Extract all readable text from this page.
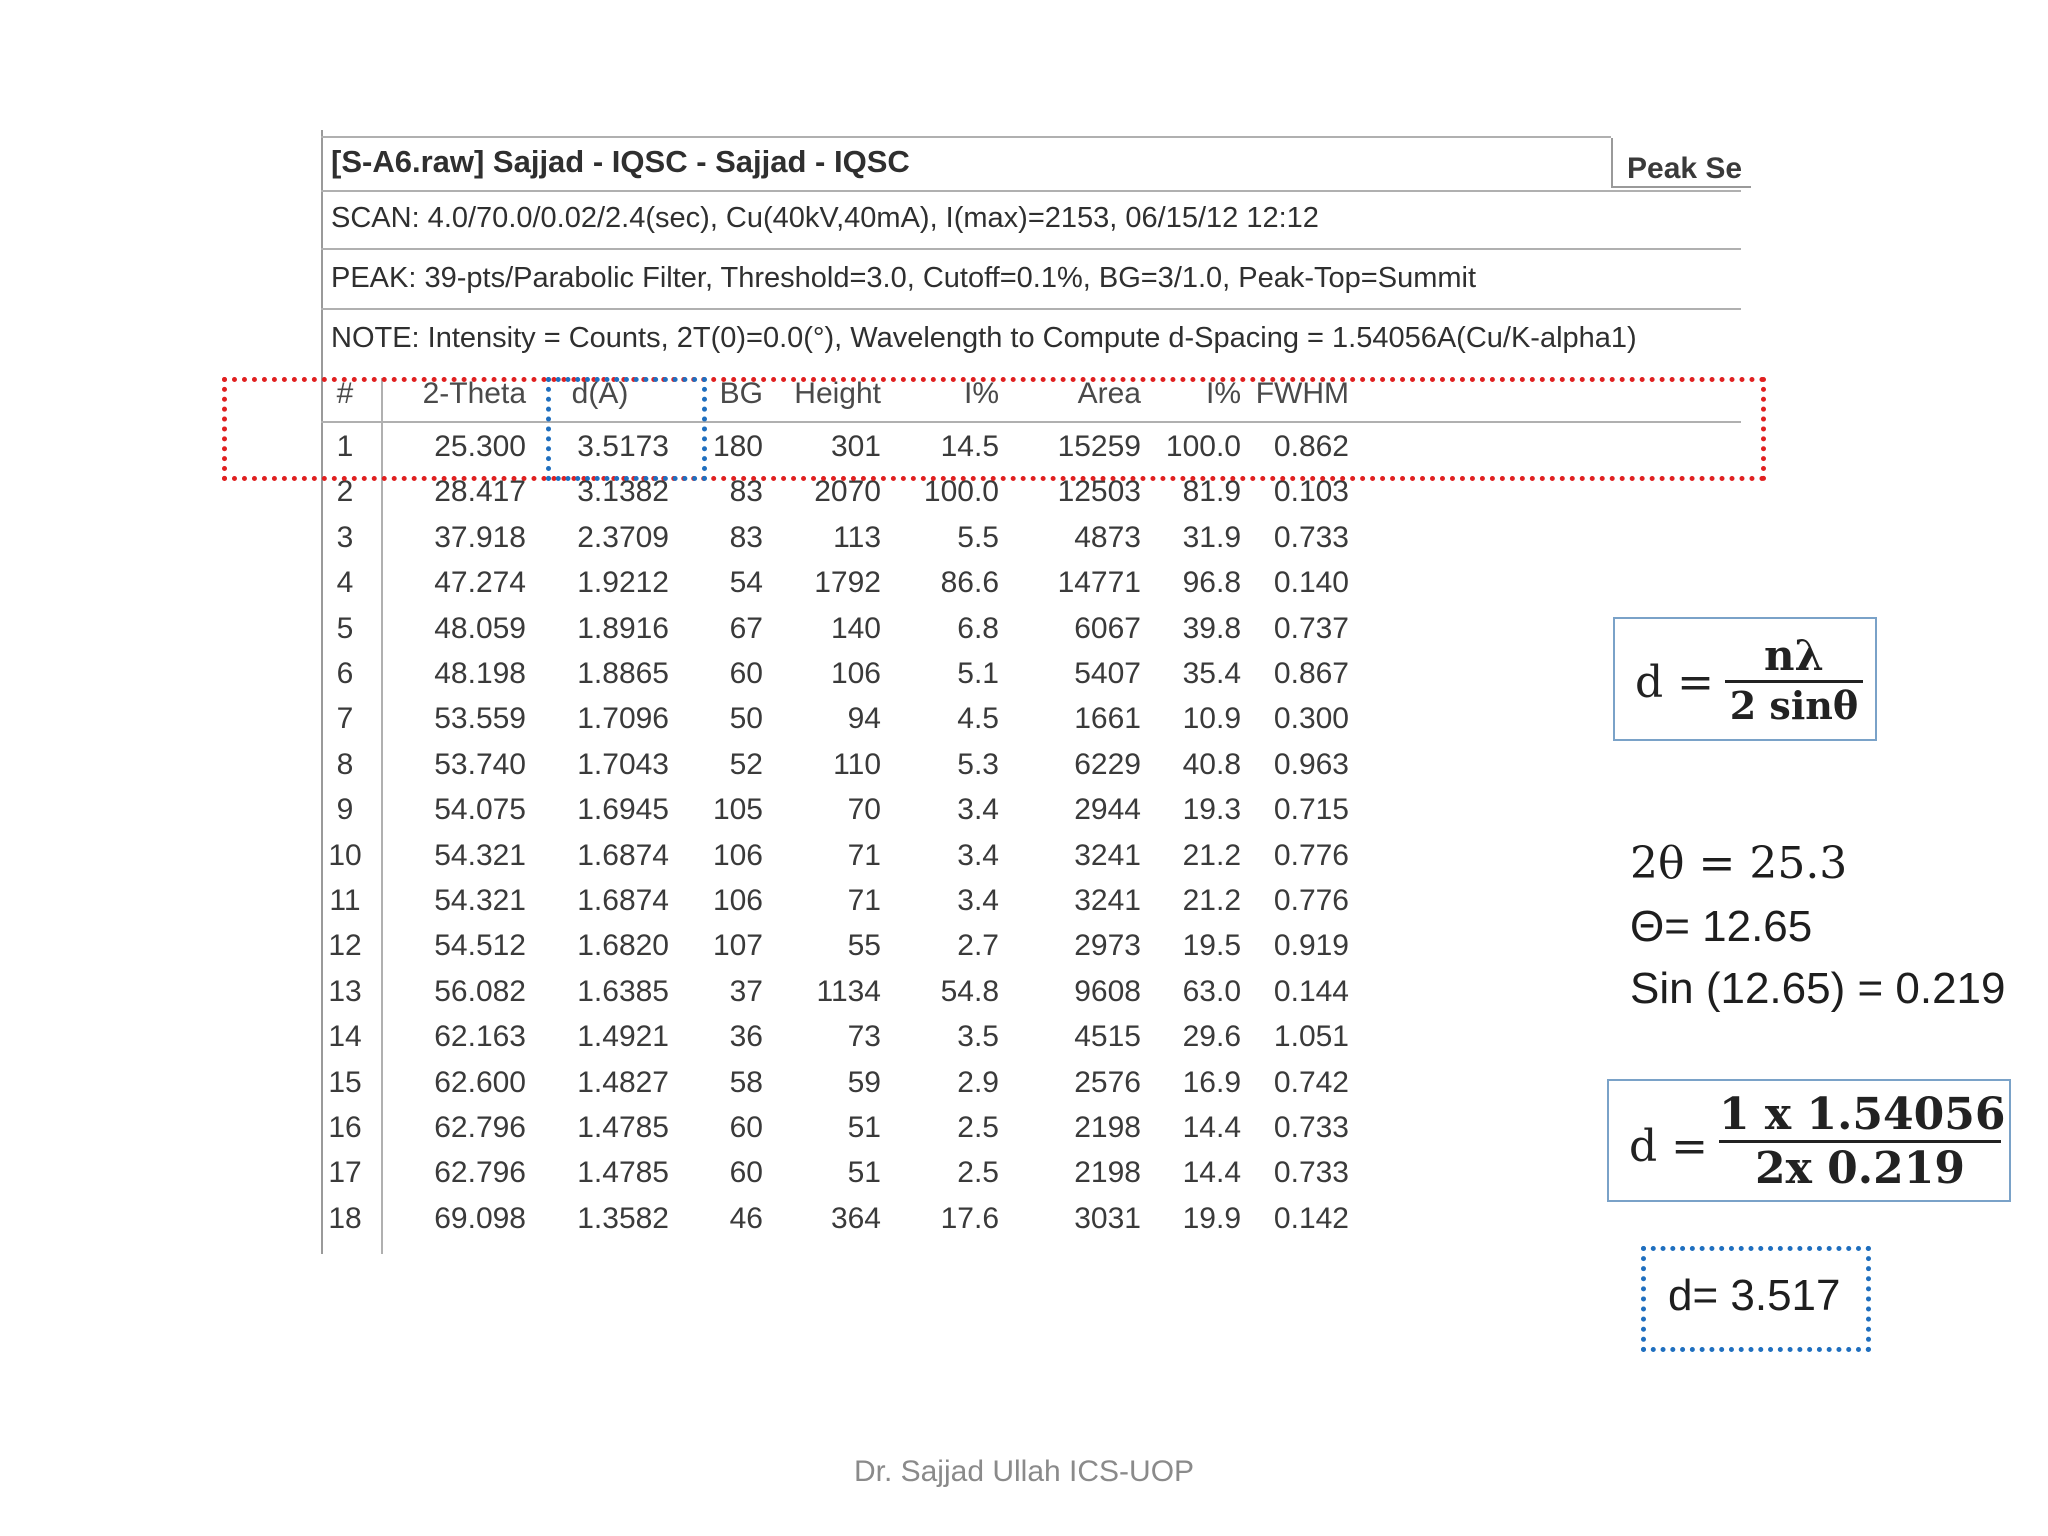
[S-A6.raw] Sajjad - IQSC - Sajjad - IQSC	Peak Se
SCAN: 4.0/70.0/0.02/2.4(sec), Cu(40kV,40mA), I(max)=2153, 06/15/12 12:12
PEAK: 39-pts/Parabolic Filter, Threshold=3.0, Cutoff=0.1%, BG=3/1.0, Peak-Top=Summit
NOTE: Intensity = Counts, 2T(0)=0.0(°), Wavelength to Compute d-Spacing = 1.54056A(Cu/K-alpha1)
#	2-Theta	d(A)	BG	Height	I%	Area	I% FWHM
1	25.300	3.5173	180	301	14.5	15259 100.0	0.862
2	28.417	3.1382	83	2070	100.0	12503	81.9	0.103
3	37.918	2.3709	83	113	5.5	4873	31.9	0.733
4	47.274	1.9212	54	1792	86.6	14771	96.8	0.140
5	48.059	1.8916	67	140	6.8	6067	39.8	0.737
6	48.198	1.8865	60	106	5.1	5407	35.4	0.867
7	53.559	1.7096	50	94	4.5	1661	10.9	0.300
8	53.740	1.7043	52	110	5.3	6229	40.8	0.963
9	54.075	1.6945	105	70	3.4	2944	19.3	0.715
10	54.321	1.6874	106	71	3.4	3241	21.2	0.776
11	54.321	1.6874	106	71	3.4	3241	21.2	0.776
12	54.512	1.6820	107	55	2.7	2973	19.5	0.919
13	56.082	1.6385	37	1134	54.8	9608	63.0	0.144
14	62.163	1.4921	36	73	3.5	4515	29.6	1.051
15	62.600	1.4827	58	59	2.9	2576	16.9	0.742
16	62.796	1.4785	60	51	2.5	2198	14.4	0.733
17	62.796	1.4785	60	51	2.5	2198	14.4	0.733
18	69.098	1.3582	46	364	17.6	3031	19.9	0.142
d =
nλ
2 sinθ
2θ = 25.3
Θ= 12.65
Sin (12.65) = 0.219
d =
1 x 1.54056
2x 0.219
d= 3.517
Dr. Sajjad Ullah ICS-UOP
